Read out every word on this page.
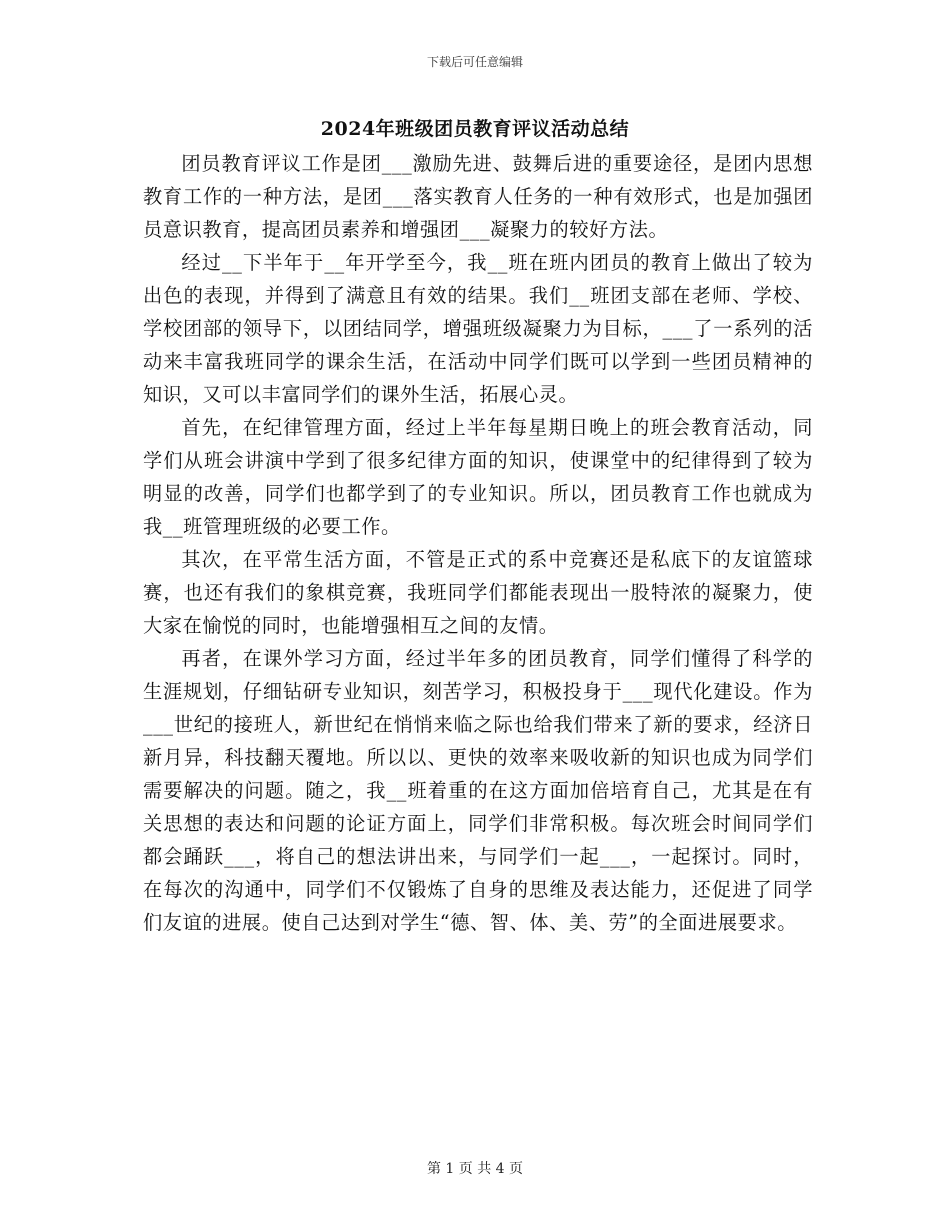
下载后可任意编辑
2024年班级团员教育评议活动总结

团员教育评议工作是团___激励先进、鼓舞后进的重要途径，是团内思想教育工作的一种方法，是团___落实教育人任务的一种有效形式，也是加强团员意识教育，提高团员素养和增强团___凝聚力的较好方法。

经过__下半年于__年开学至今，我__班在班内团员的教育上做出了较为出色的表现，并得到了满意且有效的结果。我们__班团支部在老师、学校、学校团部的领导下，以团结同学，增强班级凝聚力为目标，___了一系列的活动来丰富我班同学的课余生活，在活动中同学们既可以学到一些团员精神的知识，又可以丰富同学们的课外生活，拓展心灵。

首先，在纪律管理方面，经过上半年每星期日晚上的班会教育活动，同学们从班会讲演中学到了很多纪律方面的知识，使课堂中的纪律得到了较为明显的改善，同学们也都学到了的专业知识。所以，团员教育工作也就成为我__班管理班级的必要工作。

其次，在平常生活方面，不管是正式的系中竞赛还是私底下的友谊篮球赛，也还有我们的象棋竞赛，我班同学们都能表现出一股特浓的凝聚力，使大家在愉悦的同时，也能增强相互之间的友情。

再者，在课外学习方面，经过半年多的团员教育，同学们懂得了科学的生涯规划，仔细钻研专业知识，刻苦学习，积极投身于___现代化建设。作为___世纪的接班人，新世纪在悄悄来临之际也给我们带来了新的要求，经济日新月异，科技翻天覆地。所以以、更快的效率来吸收新的知识也成为同学们需要解决的问题。随之，我__班着重的在这方面加倍培育自己，尤其是在有关思想的表达和问题的论证方面上，同学们非常积极。每次班会时间同学们都会踊跃___，将自己的想法讲出来，与同学们一起___，一起探讨。同时，在每次的沟通中，同学们不仅锻炼了自身的思维及表达能力，还促进了同学们友谊的进展。使自己达到对学生“德、智、体、美、劳”的全面进展要求。

第 1 页 共 4 页
